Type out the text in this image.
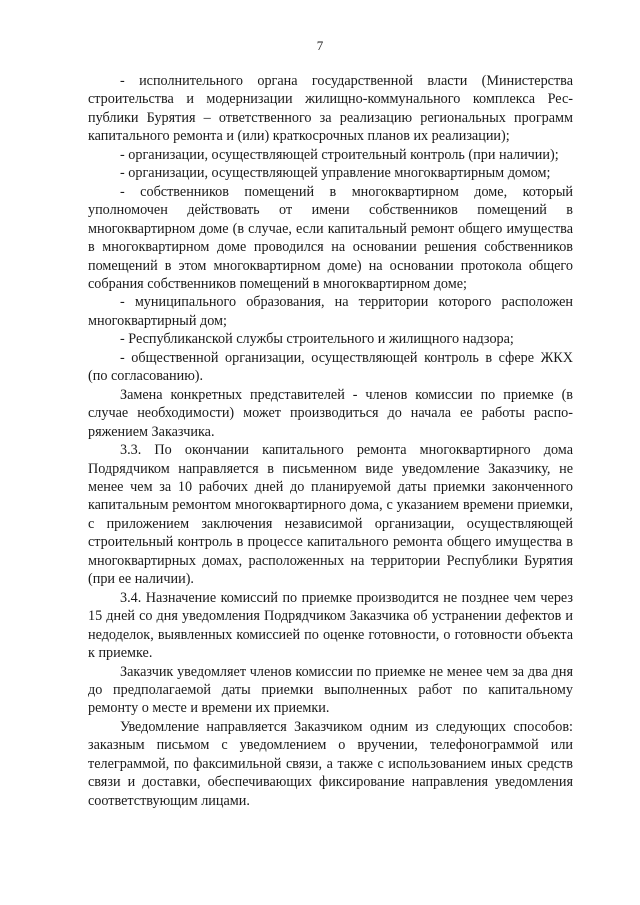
7

- исполнительного органа государственной власти (Министерства строительства и модернизации жилищно-коммунального комплекса Республики Бурятия – ответственного за реализацию региональных программ капитального ремонта и (или) краткосрочных планов их реализации);

- организации, осуществляющей строительный контроль (при наличии);

- организации, осуществляющей управление многоквартирным домом;

- собственников помещений в многоквартирном доме, который уполномочен действовать от имени собственников помещений в многоквартирном доме (в случае, если капитальный ремонт общего имущества в многоквартирном доме проводился на основании решения собственников помещений в этом многоквартирном доме) на основании протокола общего собрания собственников помещений в многоквартирном доме;

- муниципального образования, на территории которого расположен многоквартирный дом;

- Республиканской службы строительного и жилищного надзора;

- общественной организации, осуществляющей контроль в сфере ЖКХ (по согласованию).

Замена конкретных представителей - членов комиссии по приемке (в случае необходимости) может производиться до начала ее работы распоряжением Заказчика.

3.3. По окончании капитального ремонта многоквартирного дома Подрядчиком направляется в письменном виде уведомление Заказчику, не менее чем за 10 рабочих дней до планируемой даты приемки законченного капитальным ремонтом многоквартирного дома, с указанием времени приемки, с приложением заключения независимой организации, осуществляющей строительный контроль в процессе капитального ремонта общего имущества в многоквартирных домах, расположенных на территории Республики Бурятия (при ее наличии).

3.4. Назначение комиссий по приемке производится не позднее чем через 15 дней со дня уведомления Подрядчиком Заказчика об устранении дефектов и недоделок, выявленных комиссией по оценке готовности, о готовности объекта к приемке.

Заказчик уведомляет членов комиссии по приемке не менее чем за два дня до предполагаемой даты приемки выполненных работ по капитальному ремонту о месте и времени их приемки.

Уведомление направляется Заказчиком одним из следующих способов: заказным письмом с уведомлением о вручении, телефонограммой или телеграммой, по факсимильной связи, а также с использованием иных средств связи и доставки, обеспечивающих фиксирование направления уведомления соответствующим лицами.
